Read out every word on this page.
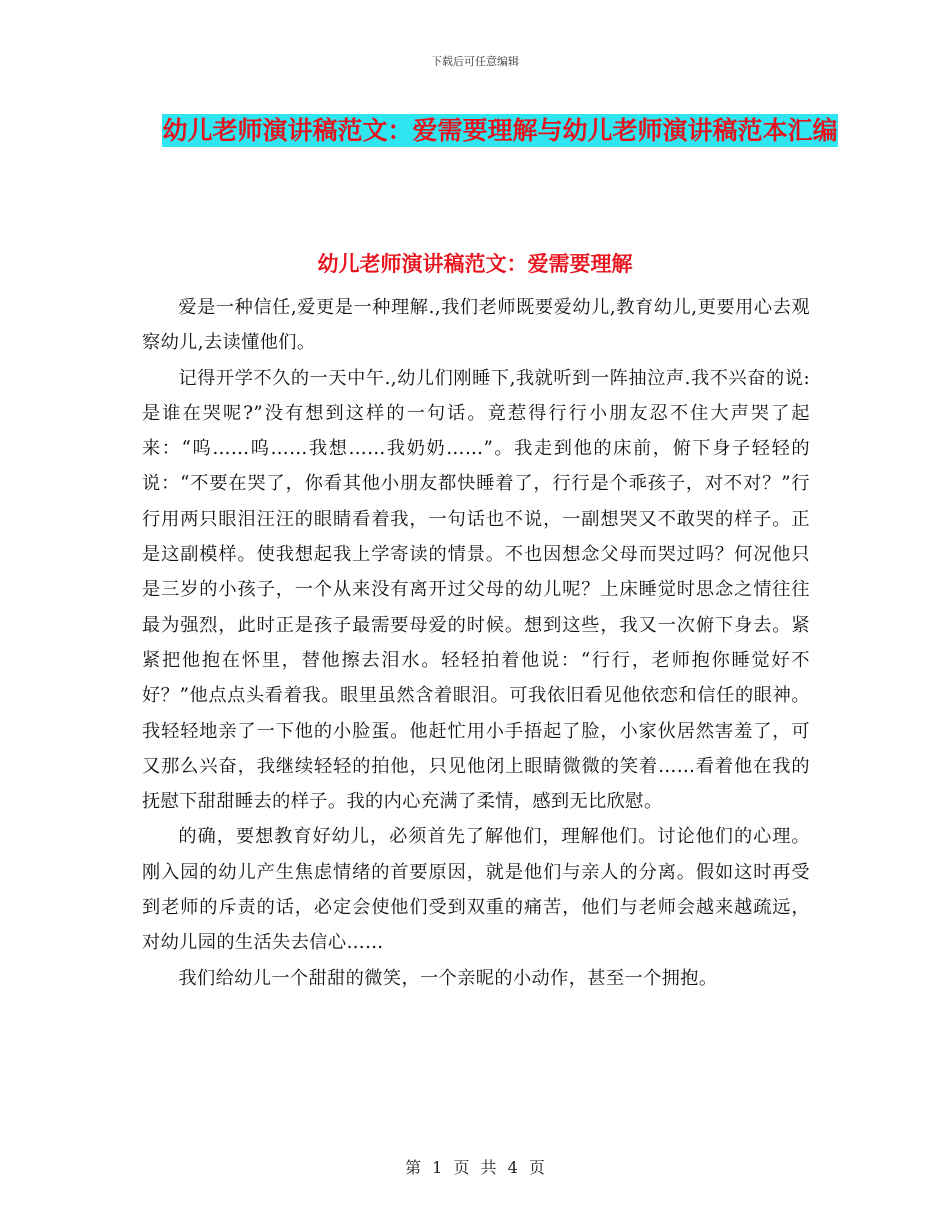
下载后可任意编辑
幼儿老师演讲稿范文：爱需要理解与幼儿老师演讲稿范本汇编
幼儿老师演讲稿范文：爱需要理解

爱是一种信任,爱更是一种理解.,我们老师既要爱幼儿,教育幼儿,更要用心去观察幼儿,去读懂他们。

记得开学不久的一天中午.,幼儿们刚睡下,我就听到一阵抽泣声.我不兴奋的说:是谁在哭呢?”没有想到这样的一句话。竟惹得行行小朋友忍不住大声哭了起来：“呜……呜……我想……我奶奶……”。我走到他的床前，俯下身子轻轻的说：“不要在哭了，你看其他小朋友都快睡着了，行行是个乖孩子，对不对？”行行用两只眼泪汪汪的眼睛看着我，一句话也不说，一副想哭又不敢哭的样子。正是这副模样。使我想起我上学寄读的情景。不也因想念父母而哭过吗？何况他只是三岁的小孩子，一个从来没有离开过父母的幼儿呢？上床睡觉时思念之情往往最为强烈，此时正是孩子最需要母爱的时候。想到这些，我又一次俯下身去。紧紧把他抱在怀里，替他擦去泪水。轻轻拍着他说：“行行，老师抱你睡觉好不好？”他点点头看着我。眼里虽然含着眼泪。可我依旧看见他依恋和信任的眼神。我轻轻地亲了一下他的小脸蛋。他赶忙用小手捂起了脸，小家伙居然害羞了，可又那么兴奋，我继续轻轻的拍他，只见他闭上眼睛微微的笑着……看着他在我的抚慰下甜甜睡去的样子。我的内心充满了柔情，感到无比欣慰。

的确，要想教育好幼儿，必须首先了解他们，理解他们。讨论他们的心理。刚入园的幼儿产生焦虑情绪的首要原因，就是他们与亲人的分离。假如这时再受到老师的斥责的话，必定会使他们受到双重的痛苦，他们与老师会越来越疏远，对幼儿园的生活失去信心……

我们给幼儿一个甜甜的微笑，一个亲昵的小动作，甚至一个拥抱。

第 1 页 共 4 页
